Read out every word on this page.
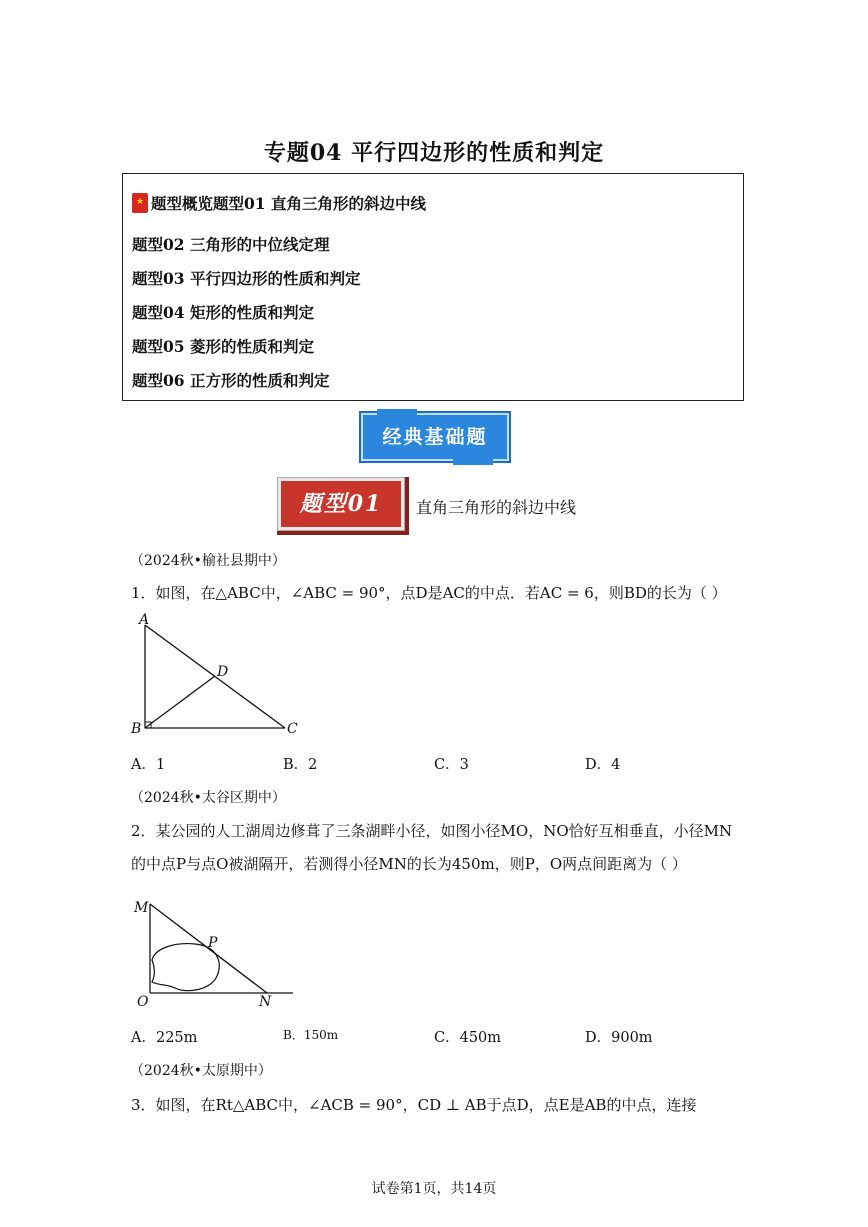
专题04 平行四边形的性质和判定
★题型概览题型01 直角三角形的斜边中线
题型02 三角形的中位线定理
题型03 平行四边形的性质和判定
题型04 矩形的性质和判定
题型05 菱形的性质和判定
题型06 正方形的性质和判定
经典基础题
题型01	直角三角形的斜边中线
（2024秋•榆社县期中）
1．如图，在△ABC中，∠ABC = 90°，点D是AC的中点．若AC = 6，则BD的长为（ ）
A
D
B	C
A．1	B．2	C．3	D．4
（2024秋•太谷区期中）
2．某公园的人工湖周边修葺了三条湖畔小径，如图小径MO，NO恰好互相垂直，小径MN
的中点P与点O被湖隔开，若测得小径MN的长为450m，则P，O两点间距离为（ ）
M
P
O	N
A．225m	B．150m	C．450m	D．900m
（2024秋•太原期中）
3．如图，在Rt△ABC中，∠ACB = 90°，CD ⊥ AB于点D，点E是AB的中点，连接
试卷第1页，共14页
